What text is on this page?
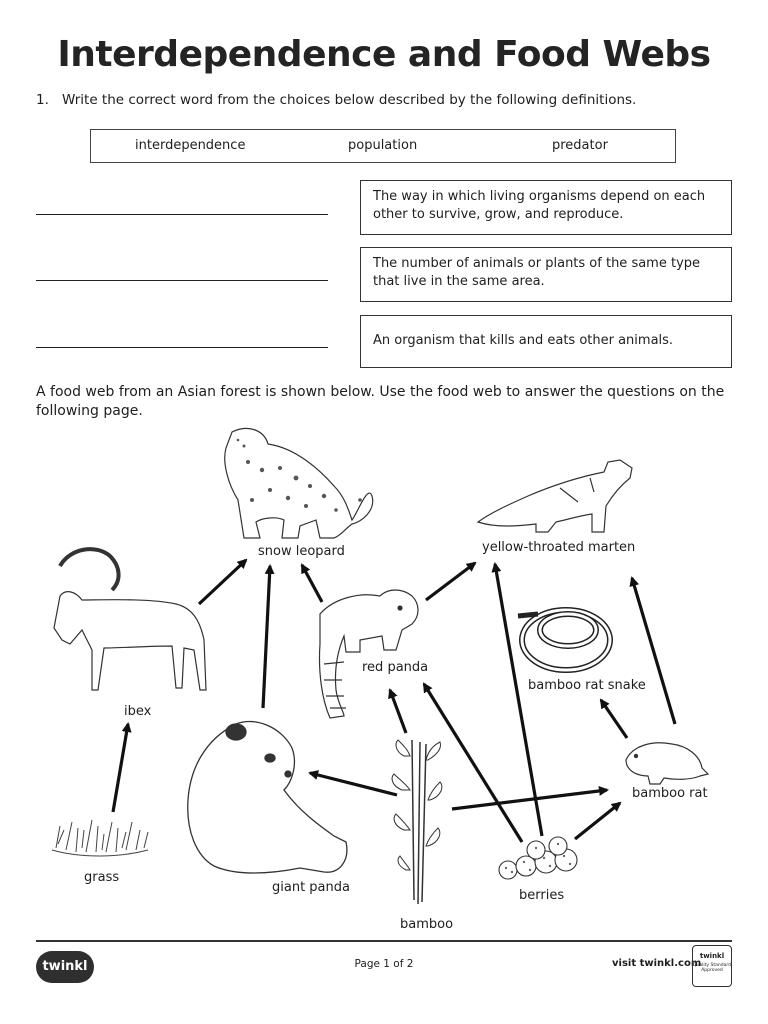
Interdependence and Food Webs
1. Write the correct word from the choices below described by the following definitions.
interdependence	population	predator
The way in which living organisms depend on each other to survive, grow, and reproduce.
The number of animals or plants of the same type that live in the same area.
An organism that kills and eats other animals.
A food web from an Asian forest is shown below. Use the food web to answer the questions on the following page.
snow leopard	yellow-throated marten
red panda
bamboo rat snake
ibex
bamboo rat
grass
giant panda
berries
bamboo
twinkl	Page 1 of 2	visit twinkl.com
twinkl
Quality Standard Approved
